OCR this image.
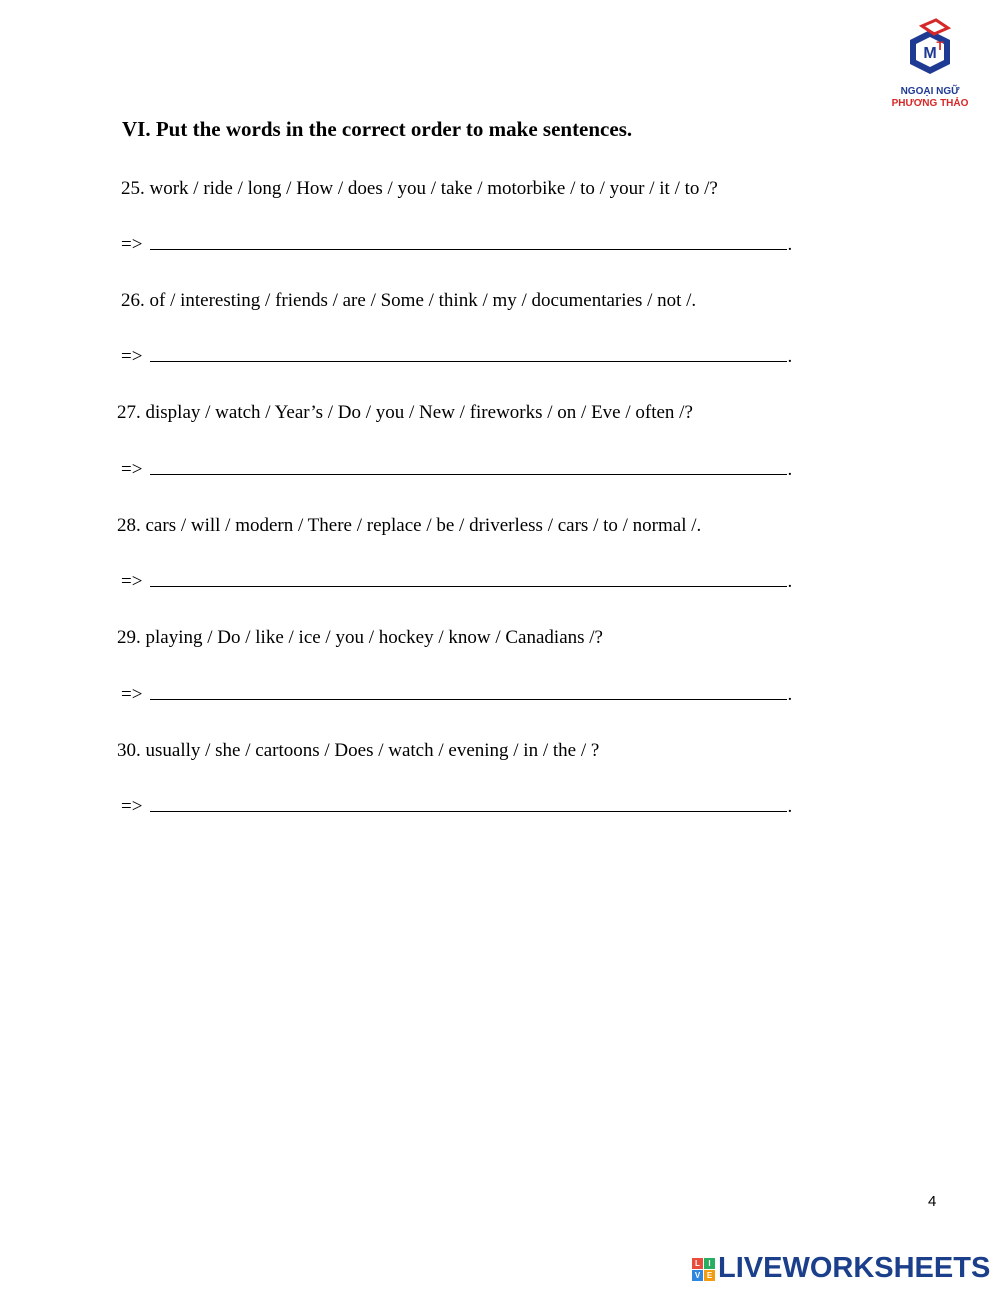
M T
NGOẠI NGỮ
PHƯƠNG THẢO
VI. Put the words in the correct order to make sentences.
25. work / ride / long / How / does / you / take / motorbike / to / your / it / to /?
=>	.
26. of / interesting / friends / are / Some / think / my / documentaries / not /.
=>	.
27. display / watch / Year’s / Do / you / New / fireworks / on / Eve / often /?
=>	.
28. cars / will / modern / There / replace / be / driverless / cars / to / normal /.
=>	.
29. playing / Do / like / ice / you / hockey / know / Canadians /?
=>	.
30. usually / she / cartoons / Does / watch / evening / in / the / ?
=>	.
4
L	I
V E LIVEWORKSHEETS
